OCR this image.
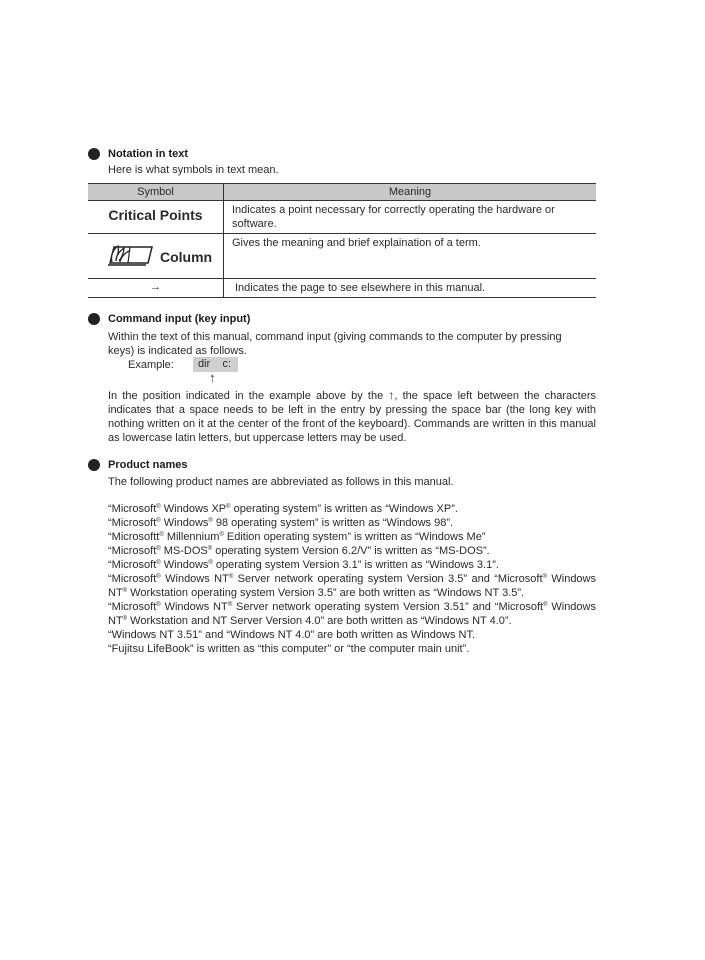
Notation in text
Here is what symbols in text mean.
Symbol	Meaning

Critical Points	Indicates a point necessary for correctly operating the hardware or software.

Column	Gives the meaning and brief explaination of a term.

→	Indicates the page to see elsewhere in this manual.
Command input (key input)
Within the text of this manual, command input (giving commands to the computer by pressing
keys) is indicated as follows.
Example: dir    c:
↑
In the position indicated in the example above by the ↑, the space left between the characters indicates that a space needs to be left in the entry by pressing the space bar (the long key with nothing written on it at the center of the front of the keyboard). Commands are written in this manual as lowercase latin letters, but uppercase letters may be used.
Product names
The following product names are abbreviated as follows in this manual.
“Microsoft® Windows XP® operating system” is written as “Windows XP”.
“Microsoft® Windows® 98 operating system” is written as “Windows 98”.
“Microsoftt® Millennium® Edition operating system” is written as “Windows Me”
“Microsoft® MS-DOS® operating system Version 6.2/V” is written as “MS-DOS”.
“Microsoft® Windows® operating system Version 3.1” is written as “Windows 3.1”.
“Microsoft® Windows NT® Server network operating system Version 3.5” and “Microsoft® Windows NT® Workstation operating system Version 3.5” are both written as “Windows NT 3.5”.
“Microsoft® Windows NT® Server network operating system Version 3.51” and “Microsoft® Windows NT® Workstation and NT Server Version 4.0” are both written as “Windows NT 4.0”.
“Windows NT 3.51” and “Windows NT 4.0” are both written as Windows NT.
“Fujitsu LifeBook” is written as “this computer” or “the computer main unit”.
